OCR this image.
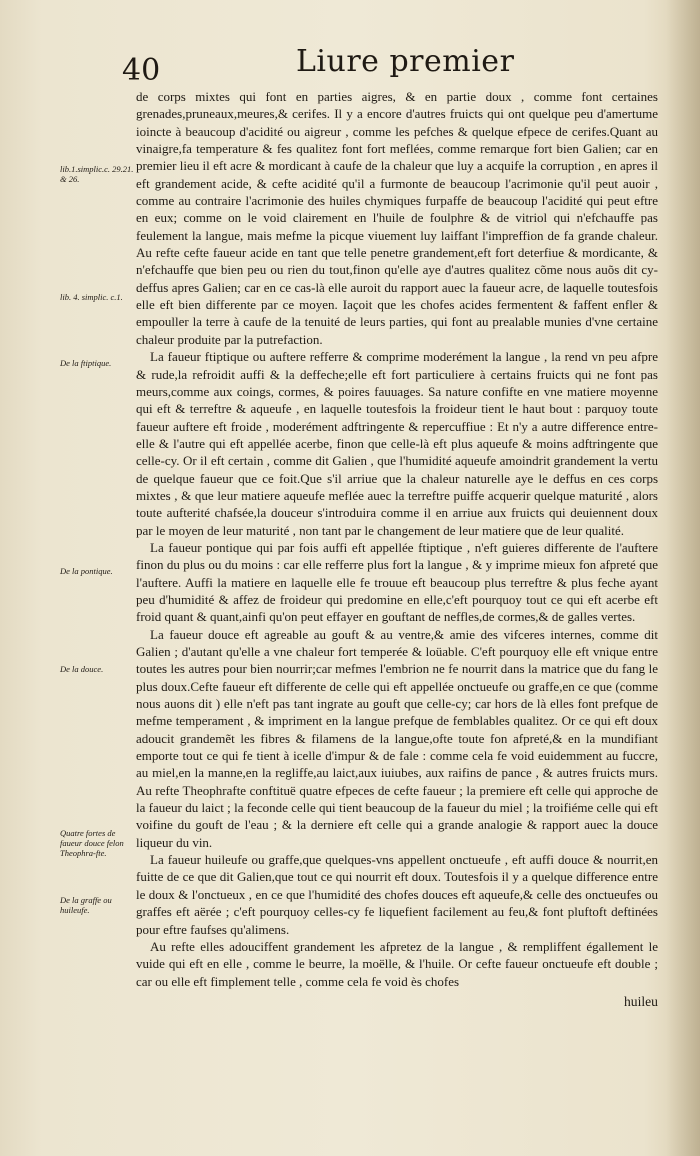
40	Liure premier
lib.1.simplic.c. 29.21. & 26.
lib. 4. simplic. c.1.
De la ftiptique.
De la pontique.
De la douce.
Quatre fortes de faueur douce felon Theophra-fte.
De la graffe ou huileufe.

de corps mixtes qui font en parties aigres, & en partie doux , comme font certaines grenades,pruneaux,meures,& cerifes. Il y a encore d'autres fruicts qui ont quelque peu d'amertume ioincte à beaucoup d'acidité ou aigreur , comme les pefches & quelque efpece de cerifes.Quant au vinaigre,fa temperature & fes qualitez font fort meflées, comme remarque fort bien Galien; car en premier lieu il eft acre & mordicant à caufe de la chaleur que luy a acquife la corruption , en apres il eft grandement acide, & cefte acidité qu'il a furmonte de beaucoup l'acrimonie qu'il peut auoir , comme au contraire l'acrimonie des huiles chymiques furpaffe de beaucoup l'acidité qui peut eftre en eux; comme on le void clairement en l'huile de foulphre & de vitriol qui n'efchauffe pas feulement la langue, mais mefme la picque viuement luy laiffant l'impreffion de fa grande chaleur. Au refte cefte faueur acide en tant que telle penetre grandement,eft fort deterfiue & mordicante, & n'efchauffe que bien peu ou rien du tout,finon qu'elle aye d'autres qualitez cõme nous auõs dit cy-deffus apres Galien; car en ce cas-là elle auroit du rapport auec la faueur acre, de laquelle toutesfois elle eft bien differente par ce moyen. Iaçoit que les chofes acides fermentent & faffent enfler & empouller la terre à caufe de la tenuité de leurs parties, qui font au prealable munies d'vne certaine chaleur produite par la putrefaction.

La faueur ftiptique ou auftere refferre & comprime moderément la langue , la rend vn peu afpre & rude,la refroidit auffi & la deffeche;elle eft fort particuliere à certains fruicts qui ne font pas meurs,comme aux coings, cormes, & poires fauuages. Sa nature confifte en vne matiere moyenne qui eft & terreftre & aqueufe , en laquelle toutesfois la froideur tient le haut bout : parquoy toute faueur auftere eft froide , moderément adftringente & repercuffiue : Et n'y a autre difference entre-elle & l'autre qui eft appellée acerbe, finon que celle-là eft plus aqueufe & moins adftringente que celle-cy. Or il eft certain , comme dit Galien , que l'humidité aqueufe amoindrit grandement la vertu de quelque faueur que ce foit.Que s'il arriue que la chaleur naturelle aye le deffus en ces corps mixtes , & que leur matiere aqueufe meflée auec la terreftre puiffe acquerir quelque maturité , alors toute aufterité chafsée,la douceur s'introduira comme il en arriue aux fruicts qui deuiennent doux par le moyen de leur maturité , non tant par le changement de leur matiere que de leur qualité.

La faueur pontique qui par fois auffi eft appellée ftiptique , n'eft guieres differente de l'auftere finon du plus ou du moins : car elle refferre plus fort la langue , & y imprime mieux fon afpreté que l'auftere. Auffi la matiere en laquelle elle fe trouue eft beaucoup plus terreftre & plus feche ayant peu d'humidité & affez de froideur qui predomine en elle,c'eft pourquoy tout ce qui eft acerbe eft froid quant & quant,ainfi qu'on peut effayer en gouftant de neffles,de cormes,& de galles vertes.

La faueur douce eft agreable au gouft & au ventre,& amie des vifceres internes, comme dit Galien ; d'autant qu'elle a vne chaleur fort temperée & loüable. C'eft pourquoy elle eft vnique entre toutes les autres pour bien nourrir;car mefmes l'embrion ne fe nourrit dans la matrice que du fang le plus doux.Cefte faueur eft differente de celle qui eft appellée onctueufe ou graffe,en ce que (comme nous auons dit ) elle n'eft pas tant ingrate au gouft que celle-cy; car hors de là elles font prefque de mefme temperament , & impriment en la langue prefque de femblables qualitez. Or ce qui eft doux adoucit grandemẽt les fibres & filamens de la langue,ofte toute fon afpreté,& en la mundifiant emporte tout ce qui fe tient à icelle d'impur & de fale : comme cela fe void euidemment au fuccre, au miel,en la manne,en la regliffe,au laict,aux iuiubes, aux raifins de pance , & autres fruicts murs. Au refte Theophrafte conftituë quatre efpeces de cefte faueur ; la premiere eft celle qui approche de la faueur du laict ; la feconde celle qui tient beaucoup de la faueur du miel ; la troifiéme celle qui eft voifine du gouft de l'eau ; & la derniere eft celle qui a grande analogie & rapport auec la douce liqueur du vin.

La faueur huileufe ou graffe,que quelques-vns appellent onctueufe , eft auffi douce & nourrit,en fuitte de ce que dit Galien,que tout ce qui nourrit eft doux. Toutesfois il y a quelque difference entre le doux & l'onctueux , en ce que l'humidité des chofes douces eft aqueufe,& celle des onctueufes ou graffes eft aërée ; c'eft pourquoy celles-cy fe liquefient facilement au feu,& font pluftoft deftinées pour eftre faufses qu'alimens.

Au refte elles adouciffent grandement les afpretez de la langue , & rempliffent égallement le vuide qui eft en elle , comme le beurre, la moëlle, & l'huile. Or cefte faueur onctueufe eft double ; car ou elle eft fimplement telle , comme cela fe void ès chofes

huileu
